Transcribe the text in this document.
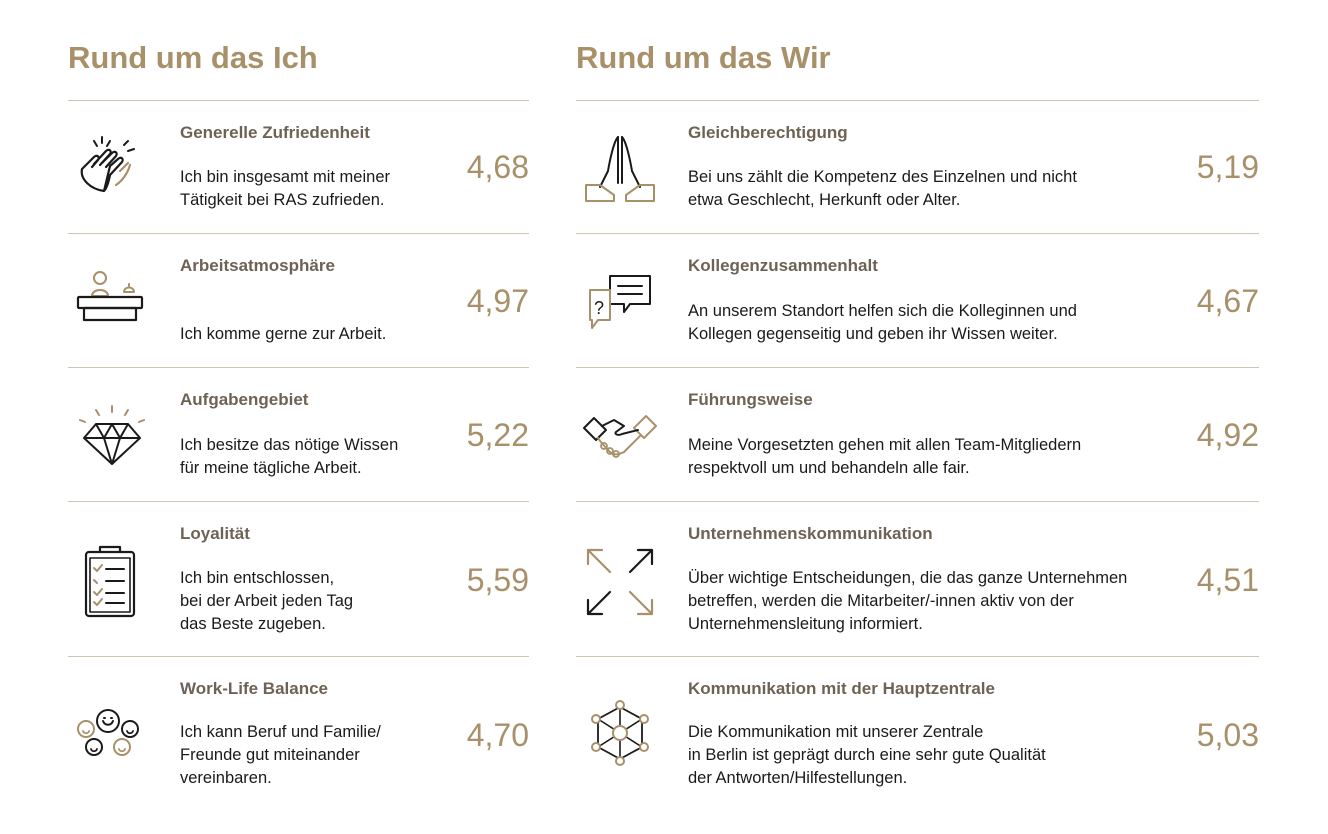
Rund um das Ich
Generelle Zufriedenheit
Ich bin insgesamt mit meiner
Tätigkeit bei RAS zufrieden.
4,68
Arbeitsatmosphäre
Ich komme gerne zur Arbeit.
4,97
Aufgabengebiet
Ich besitze das nötige Wissen
für meine tägliche Arbeit.
5,22
Loyalität
Ich bin entschlossen,
bei der Arbeit jeden Tag
das Beste zugeben.
5,59
Work-Life Balance
Ich kann Beruf und Familie/
Freunde gut miteinander
vereinbaren.
4,70
Rund um das Wir
Gleichberechtigung
Bei uns zählt die Kompetenz des Einzelnen und nicht
etwa Geschlecht, Herkunft oder Alter.
5,19
?
Kollegenzusammenhalt
An unserem Standort helfen sich die Kolleginnen und
Kollegen gegenseitig und geben ihr Wissen weiter.
4,67
Führungsweise
Meine Vorgesetzten gehen mit allen Team-Mitgliedern
respektvoll um und behandeln alle fair.
4,92
Unternehmenskommunikation
Über wichtige Entscheidungen, die das ganze Unternehmen
betreffen, werden die Mitarbeiter/-innen aktiv von der
Unternehmensleitung informiert.
4,51
Kommunikation mit der Hauptzentrale
Die Kommunikation mit unserer Zentrale
in Berlin ist geprägt durch eine sehr gute Qualität
der Antworten/Hilfestellungen.
5,03
